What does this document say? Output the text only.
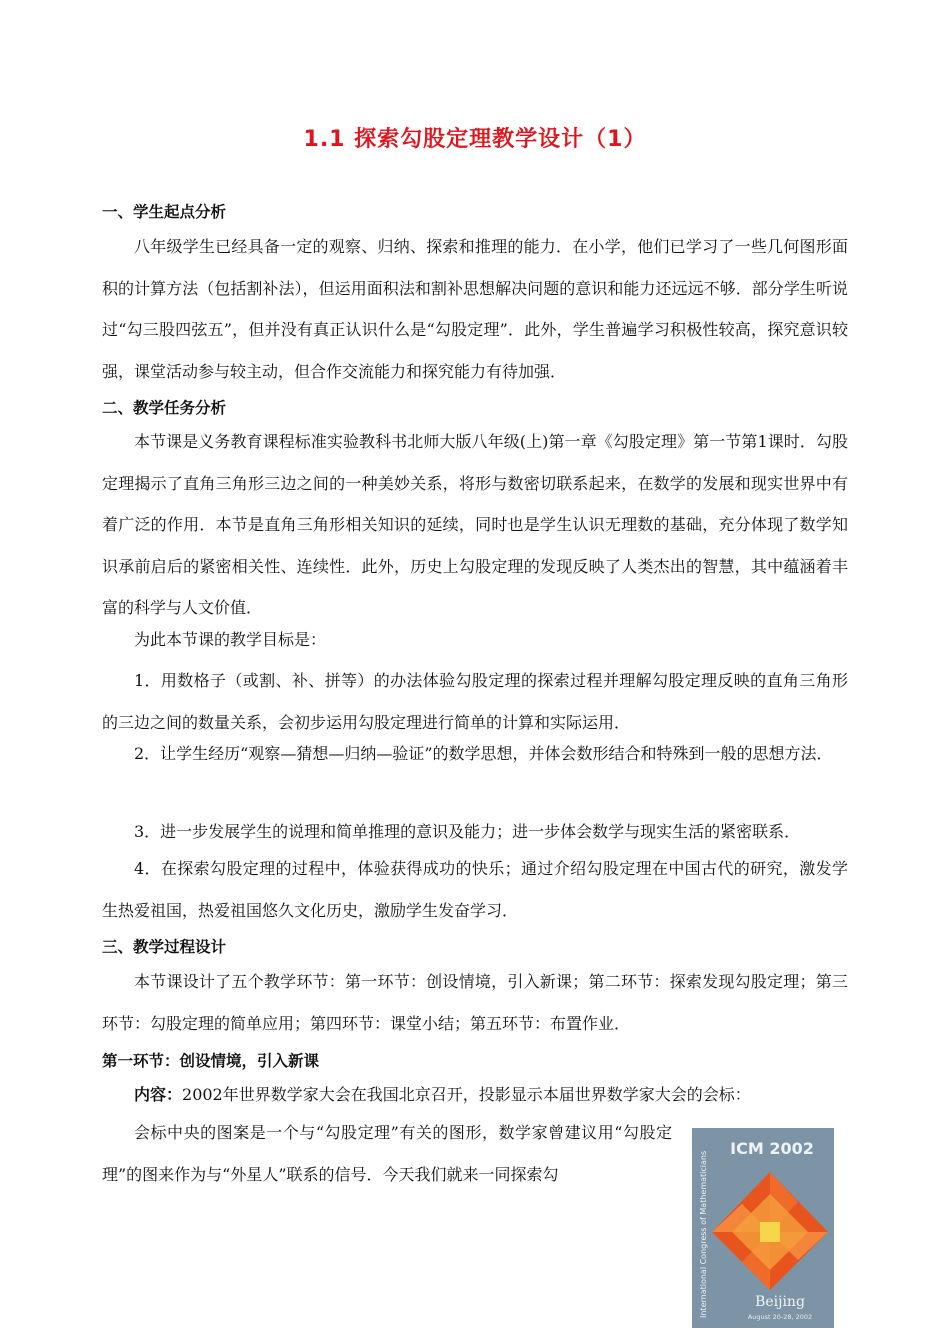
1.1 探索勾股定理教学设计（1）
一、学生起点分析

八年级学生已经具备一定的观察、归纳、探索和推理的能力．在小学，他们已学习了一些几何图形面积的计算方法（包括割补法），但运用面积法和割补思想解决问题的意识和能力还远远不够．部分学生听说过“勾三股四弦五”，但并没有真正认识什么是“勾股定理”．此外，学生普遍学习积极性较高，探究意识较强，课堂活动参与较主动，但合作交流能力和探究能力有待加强．

二、教学任务分析

本节课是义务教育课程标准实验教科书北师大版八年级(上)第一章《勾股定理》第一节第1课时．勾股定理揭示了直角三角形三边之间的一种美妙关系，将形与数密切联系起来，在数学的发展和现实世界中有着广泛的作用．本节是直角三角形相关知识的延续，同时也是学生认识无理数的基础，充分体现了数学知识承前启后的紧密相关性、连续性．此外，历史上勾股定理的发现反映了人类杰出的智慧，其中蕴涵着丰富的科学与人文价值．

为此本节课的教学目标是：

1．用数格子（或割、补、拼等）的办法体验勾股定理的探索过程并理解勾股定理反映的直角三角形的三边之间的数量关系，会初步运用勾股定理进行简单的计算和实际运用．

2．让学生经历“观察—猜想—归纳—验证”的数学思想，并体会数形结合和特殊到一般的思想方法．

3．进一步发展学生的说理和简单推理的意识及能力；进一步体会数学与现实生活的紧密联系．

4．在探索勾股定理的过程中，体验获得成功的快乐；通过介绍勾股定理在中国古代的研究，激发学生热爱祖国，热爱祖国悠久文化历史，激励学生发奋学习．

三、教学过程设计

本节课设计了五个教学环节：第一环节：创设情境，引入新课；第二环节：探索发现勾股定理；第三环节：勾股定理的简单应用；第四环节：课堂小结；第五环节：布置作业．

第一环节：创设情境，引入新课

内容：2002年世界数学家大会在我国北京召开，投影显示本届世界数学家大会的会标：

会标中央的图案是一个与“勾股定理”有关的图形，数学家曾建议用“勾股定理”的图来作为与“外星人”联系的信号．今天我们就来一同探索勾

ICM 2002
International Congress of Mathematicians	Beijing
August 20-28, 2002
